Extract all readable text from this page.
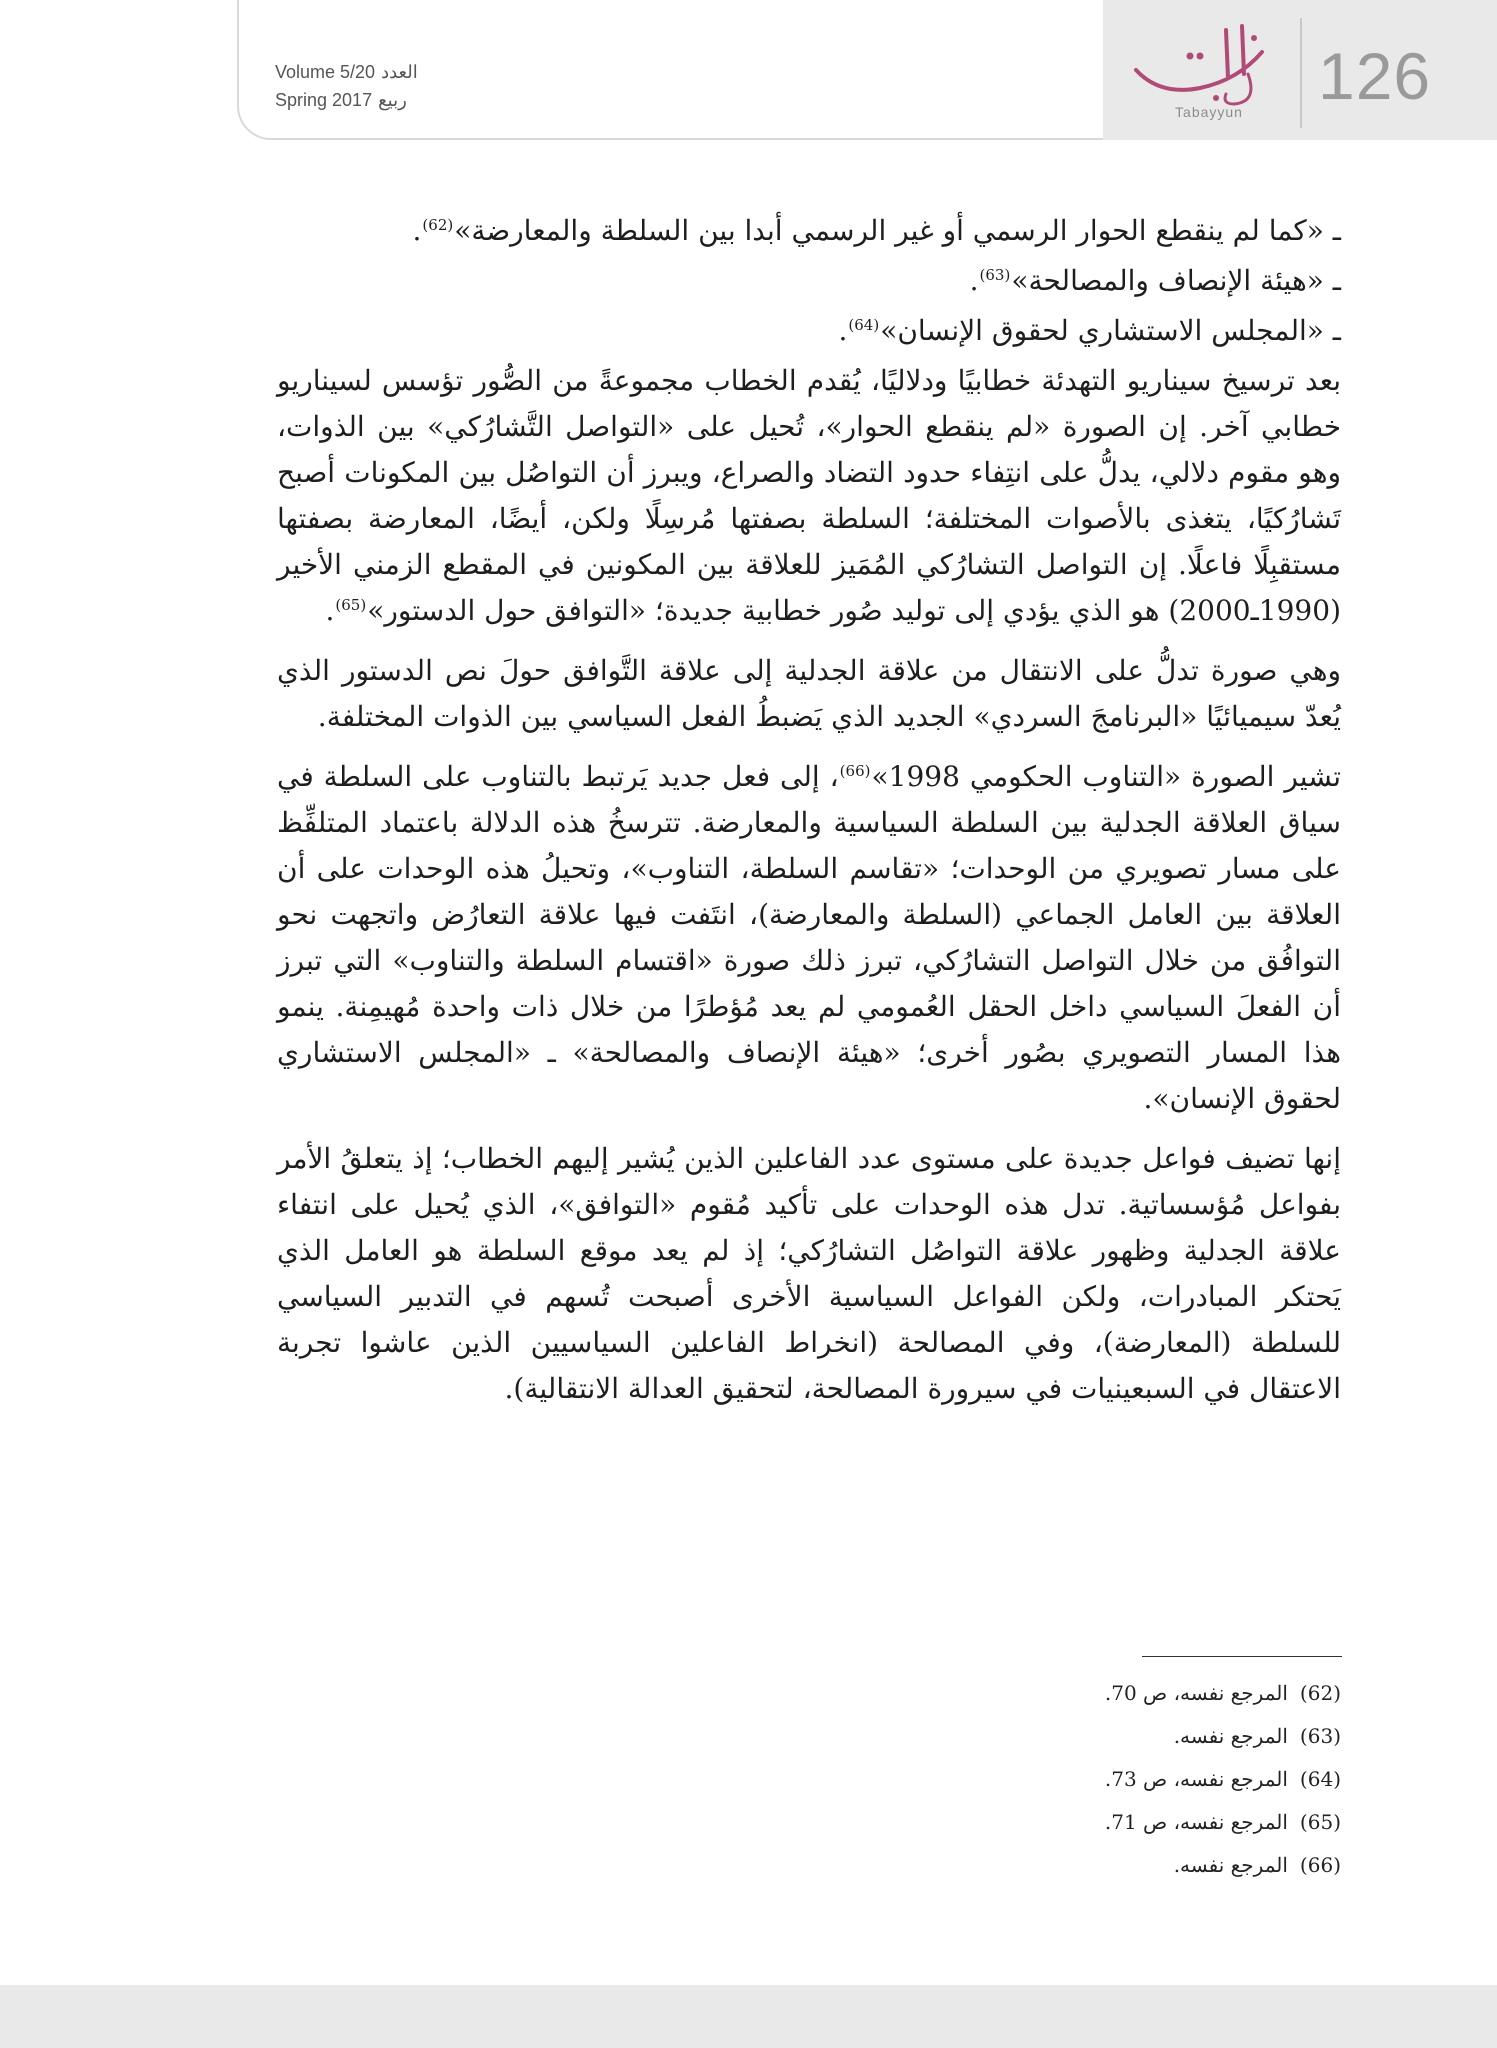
Volume 5/20 العدد
Spring 2017 ربيع
Tabayyun	126

ـ «كما لم ينقطع الحوار الرسمي أو غير الرسمي أبدا بين السلطة والمعارضة»$^{(62)}$.

ـ «هيئة الإنصاف والمصالحة»$^{(63)}$.

ـ «المجلس الاستشاري لحقوق الإنسان»$^{(64)}$.

بعد ترسيخ سيناريو التهدئة خطابيًا ودلاليًا، يُقدم الخطاب مجموعةً من الصُّور تؤسس لسيناريو خطابي آخر. إن الصورة «لم ينقطع الحوار»، تُحيل على «التواصل التَّشارُكي» بين الذوات، وهو مقوم دلالي، يدلُّ على انتِفاء حدود التضاد والصراع، ويبرز أن التواصُل بين المكونات أصبح تَشارُكيًا، يتغذى بالأصوات المختلفة؛ السلطة بصفتها مُرسِلًا ولكن، أيضًا، المعارضة بصفتها مستقبِلًا فاعلًا. إن التواصل التشارُكي المُمَيز للعلاقة بين المكونين في المقطع الزمني الأخير (1990ـ2000) هو الذي يؤدي إلى توليد صُور خطابية جديدة؛ «التوافق حول الدستور»$^{(65)}$.

وهي صورة تدلُّ على الانتقال من علاقة الجدلية إلى علاقة التَّوافق حولَ نص الدستور الذي يُعدّ سيميائيًا «البرنامجَ السردي» الجديد الذي يَضبطُ الفعل السياسي بين الذوات المختلفة.

تشير الصورة «التناوب الحكومي 1998»$^{(66)}$، إلى فعل جديد يَرتبط بالتناوب على السلطة في سياق العلاقة الجدلية بين السلطة السياسية والمعارضة. تترسخُ هذه الدلالة باعتماد المتلفِّظ على مسار تصويري من الوحدات؛ «تقاسم السلطة، التناوب»، وتحيلُ هذه الوحدات على أن العلاقة بين العامل الجماعي (السلطة والمعارضة)، انتَفت فيها علاقة التعارُض واتجهت نحو التوافُق من خلال التواصل التشارُكي، تبرز ذلك صورة «اقتسام السلطة والتناوب» التي تبرز أن الفعلَ السياسي داخل الحقل العُمومي لم يعد مُؤطرًا من خلال ذات واحدة مُهيمِنة. ينمو هذا المسار التصويري بصُور أخرى؛ «هيئة الإنصاف والمصالحة» ـ «المجلس الاستشاري لحقوق الإنسان».

إنها تضيف فواعل جديدة على مستوى عدد الفاعلين الذين يُشير إليهم الخطاب؛ إذ يتعلقُ الأمر بفواعل مُؤسساتية. تدل هذه الوحدات على تأكيد مُقوم «التوافق»، الذي يُحيل على انتفاء علاقة الجدلية وظهور علاقة التواصُل التشارُكي؛ إذ لم يعد موقع السلطة هو العامل الذي يَحتكر المبادرات، ولكن الفواعل السياسية الأخرى أصبحت تُسهم في التدبير السياسي للسلطة (المعارضة)، وفي المصالحة (انخراط الفاعلين السياسيين الذين عاشوا تجربة الاعتقال في السبعينيات في سيرورة المصالحة، لتحقيق العدالة الانتقالية).

(62)المرجع نفسه، ص 70.
(63)المرجع نفسه.
(64)المرجع نفسه، ص 73.
(65)المرجع نفسه، ص 71.
(66)المرجع نفسه.
